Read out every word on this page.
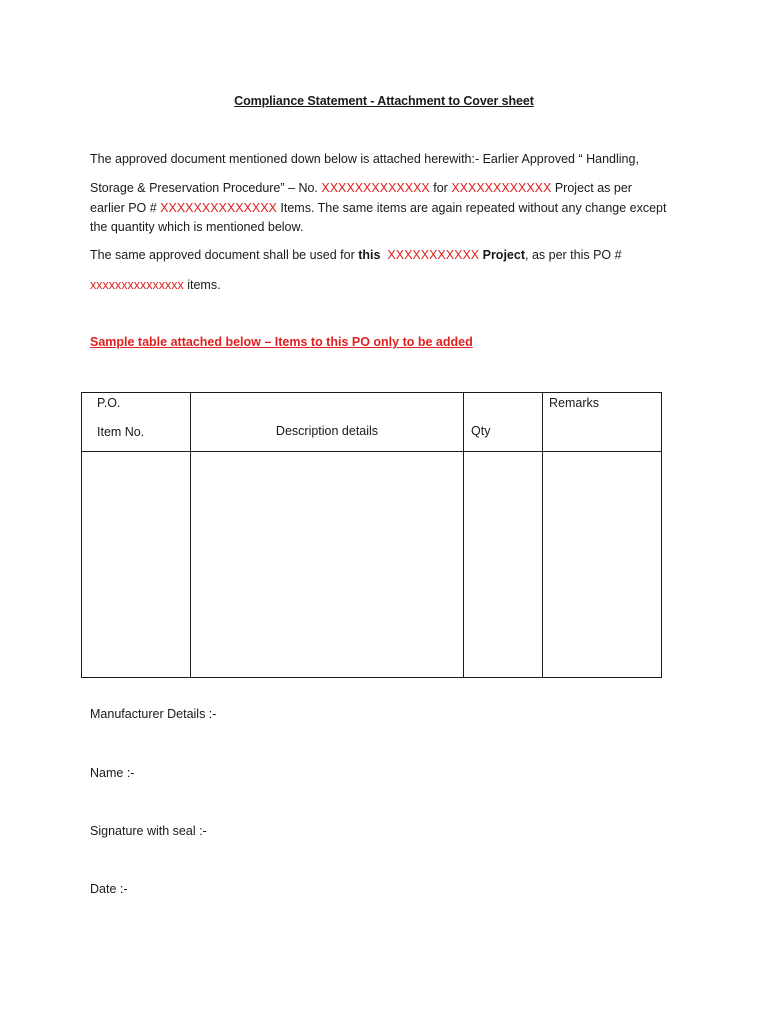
Compliance Statement - Attachment to Cover sheet
The approved document mentioned down below is attached herewith:- Earlier Approved “ Handling,
Storage & Preservation Procedure” – No. XXXXXXXXXXXXX for XXXXXXXXXXXX Project as per earlier PO # XXXXXXXXXXXXXX Items. The same items are again repeated without any change except the quantity which is mentioned below.
The same approved document shall be used for this XXXXXXXXXXX Project, as per this PO #
xxxxxxxxxxxxxxx items.
Sample table attached below – Items to this PO only to be added
P.O.
Item No.	Description details	Qty	Remarks

Manufacturer Details :-
Name :-
Signature with seal :-
Date :-
